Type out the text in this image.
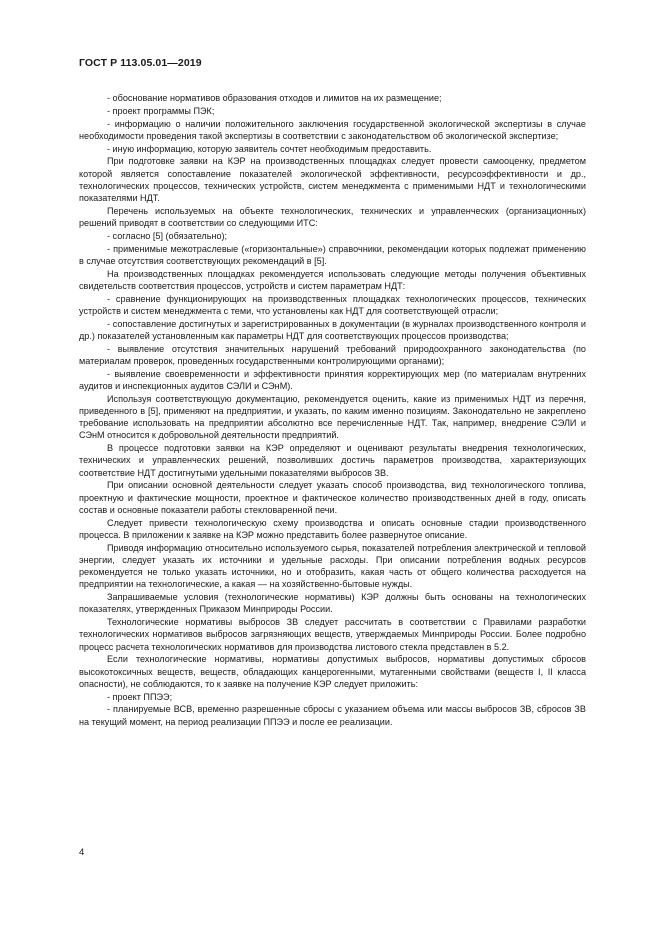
ГОСТ Р 113.05.01—2019

- обоснование нормативов образования отходов и лимитов на их размещение;

- проект программы ПЭК;

- информацию о наличии положительного заключения государственной экологической экспертизы в случае необходимости проведения такой экспертизы в соответствии с законодательством об экологической экспертизе;

- иную информацию, которую заявитель сочтет необходимым предоставить.

При подготовке заявки на КЭР на производственных площадках следует провести самооценку, предметом которой является сопоставление показателей экологической эффективности, ресурсоэффективности и др., технологических процессов, технических устройств, систем менеджмента с применимыми НДТ и технологическими показателями НДТ.

Перечень используемых на объекте технологических, технических и управленческих (организационных) решений приводят в соответствии со следующими ИТС:

- согласно [5] (обязательно);

- применимые межотраслевые («горизонтальные») справочники, рекомендации которых подлежат применению в случае отсутствия соответствующих рекомендаций в [5].

На производственных площадках рекомендуется использовать следующие методы получения объективных свидетельств соответствия процессов, устройств и систем параметрам НДТ:

- сравнение функционирующих на производственных площадках технологических процессов, технических устройств и систем менеджмента с теми, что установлены как НДТ для соответствующей отрасли;

- сопоставление достигнутых и зарегистрированных в документации (в журналах производственного контроля и др.) показателей установленным как параметры НДТ для соответствующих процессов производства;

- выявление отсутствия значительных нарушений требований природоохранного законодательства (по материалам проверок, проведенных государственными контролирующими органами);

- выявление своевременности и эффективности принятия корректирующих мер (по материалам внутренних аудитов и инспекционных аудитов СЭЛИ и СЭнМ).

Используя соответствующую документацию, рекомендуется оценить, какие из применимых НДТ из перечня, приведенного в [5], применяют на предприятии, и указать, по каким именно позициям. Законодательно не закреплено требование использовать на предприятии абсолютно все перечисленные НДТ. Так, например, внедрение СЭЛИ и СЭнМ относится к добровольной деятельности предприятий.

В процессе подготовки заявки на КЭР определяют и оценивают результаты внедрения технологических, технических и управленческих решений, позволивших достичь параметров производства, характеризующих соответствие НДТ достигнутыми удельными показателями выбросов ЗВ.

При описании основной деятельности следует указать способ производства, вид технологического топлива, проектную и фактические мощности, проектное и фактическое количество производственных дней в году, описать состав и основные показатели работы стекловаренной печи.

Следует привести технологическую схему производства и описать основные стадии производственного процесса. В приложении к заявке на КЭР можно представить более развернутое описание.

Приводя информацию относительно используемого сырья, показателей потребления электрической и тепловой энергии, следует указать их источники и удельные расходы. При описании потребления водных ресурсов рекомендуется не только указать источники, но и отобразить, какая часть от общего количества расходуется на предприятии на технологические, а какая — на хозяйственно-бытовые нужды.

Запрашиваемые условия (технологические нормативы) КЭР должны быть основаны на технологических показателях, утвержденных Приказом Минприроды России.

Технологические нормативы выбросов ЗВ следует рассчитать в соответствии с Правилами разработки технологических нормативов выбросов загрязняющих веществ, утверждаемых Минприроды России. Более подробно процесс расчета технологических нормативов для производства листового стекла представлен в 5.2.

Если технологические нормативы, нормативы допустимых выбросов, нормативы допустимых сбросов высокотоксичных веществ, веществ, обладающих канцерогенными, мутагенными свойствами (веществ I, II класса опасности), не соблюдаются, то к заявке на получение КЭР следует приложить:

- проект ППЭЭ;

- планируемые ВСВ, временно разрешенные сбросы с указанием объема или массы выбросов ЗВ, сбросов ЗВ на текущий момент, на период реализации ППЭЭ и после ее реализации.

4
